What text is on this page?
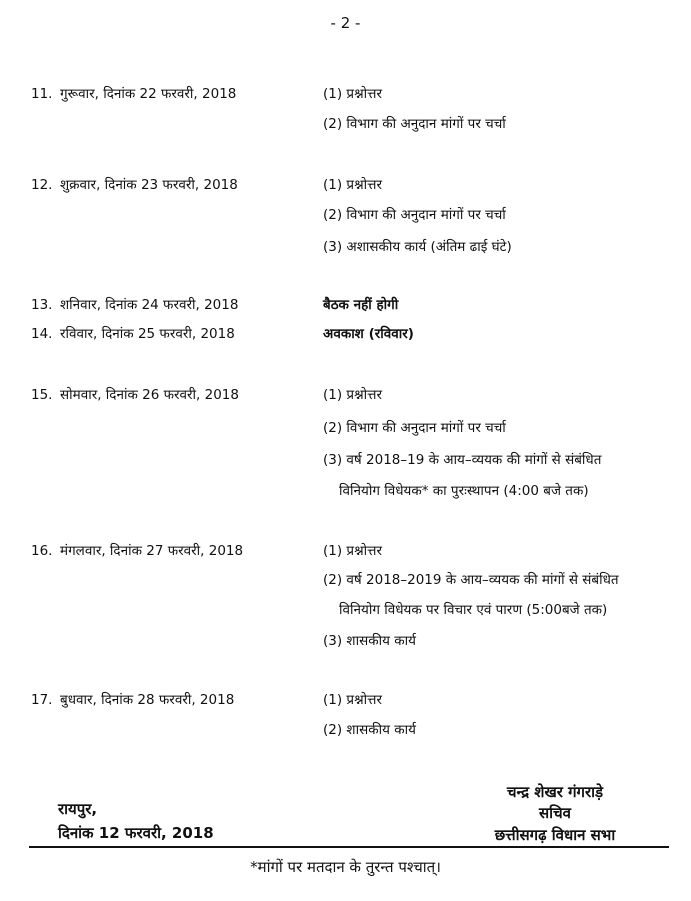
- 2 -
11. गुरूवार, दिनांक 22 फरवरी, 2018	(1) प्रश्नोत्तर
(2) विभाग की अनुदान मांगों पर चर्चा
12. शुक्रवार, दिनांक 23 फरवरी, 2018	(1) प्रश्नोत्तर
(2) विभाग की अनुदान मांगों पर चर्चा
(3) अशासकीय कार्य (अंतिम ढाई घंटे)
13. शनिवार, दिनांक 24 फरवरी, 2018	बैठक नहीं होगी
14. रविवार, दिनांक 25 फरवरी, 2018	अवकाश (रविवार)
15. सोमवार, दिनांक 26 फरवरी, 2018	(1) प्रश्नोत्तर
(2) विभाग की अनुदान मांगों पर चर्चा
(3) वर्ष 2018–19 के आय–व्ययक की मांगों से संबंधित
विनियोग विधेयक* का पुरःस्थापन (4:00 बजे तक)
16. मंगलवार, दिनांक 27 फरवरी, 2018	(1) प्रश्नोत्तर
(2) वर्ष 2018–2019 के आय–व्ययक की मांगों से संबंधित
विनियोग विधेयक पर विचार एवं पारण (5:00बजे तक)
(3) शासकीय कार्य
17. बुधवार, दिनांक 28 फरवरी, 2018	(1) प्रश्नोत्तर
(2) शासकीय कार्य
चन्द्र शेखर गंगराड़े
सचिव
छत्तीसगढ़ विधान सभा
रायपुर,
दिनांक 12 फरवरी, 2018
*मांगों पर मतदान के तुरन्त पश्चात्।
